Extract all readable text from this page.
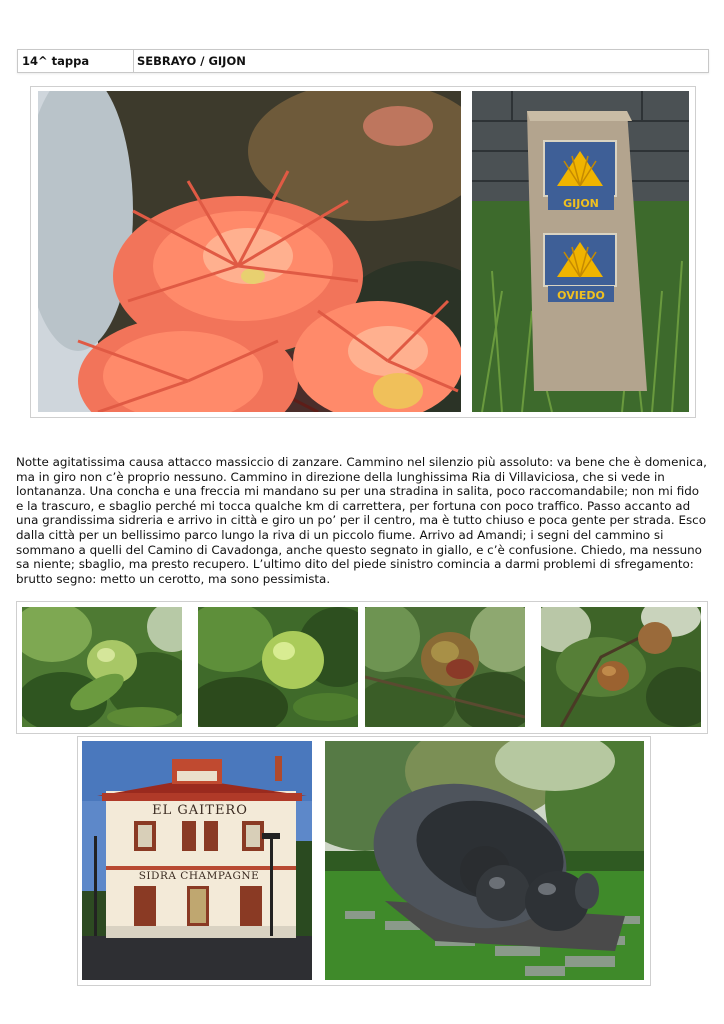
14^ tappa	SEBRAYO / GIJON
GIJON
OVIEDO

Notte agitatissima causa attacco massiccio di zanzare. Cammino nel silenzio più assoluto: va bene che è domenica, ma in giro non c’è proprio nessuno. Cammino in direzione della lunghissima Ria di Villaviciosa, che si vede in lontananza. Una concha e una freccia mi mandano su per una stradina in salita, poco raccomandabile; non mi fido e la trascuro, e sbaglio perché mi tocca qualche km di carrettera, per fortuna con poco traffico. Passo accanto ad una grandissima sidreria e arrivo in città e giro un po’ per il centro, ma è tutto chiuso e poca gente per strada. Esco dalla città per un bellissimo parco lungo la riva di un piccolo fiume. Arrivo ad Amandi; i segni del cammino si sommano a quelli del Camino di Cavadonga, anche questo segnato in giallo, e c’è confusione. Chiedo, ma nessuno sa niente; sbaglio, ma presto recupero. L’ultimo dito del piede sinistro comincia a darmi problemi di sfregamento: brutto segno: metto un cerotto, ma sono pessimista.

EL GAITERO
SIDRA CHAMPAGNE
